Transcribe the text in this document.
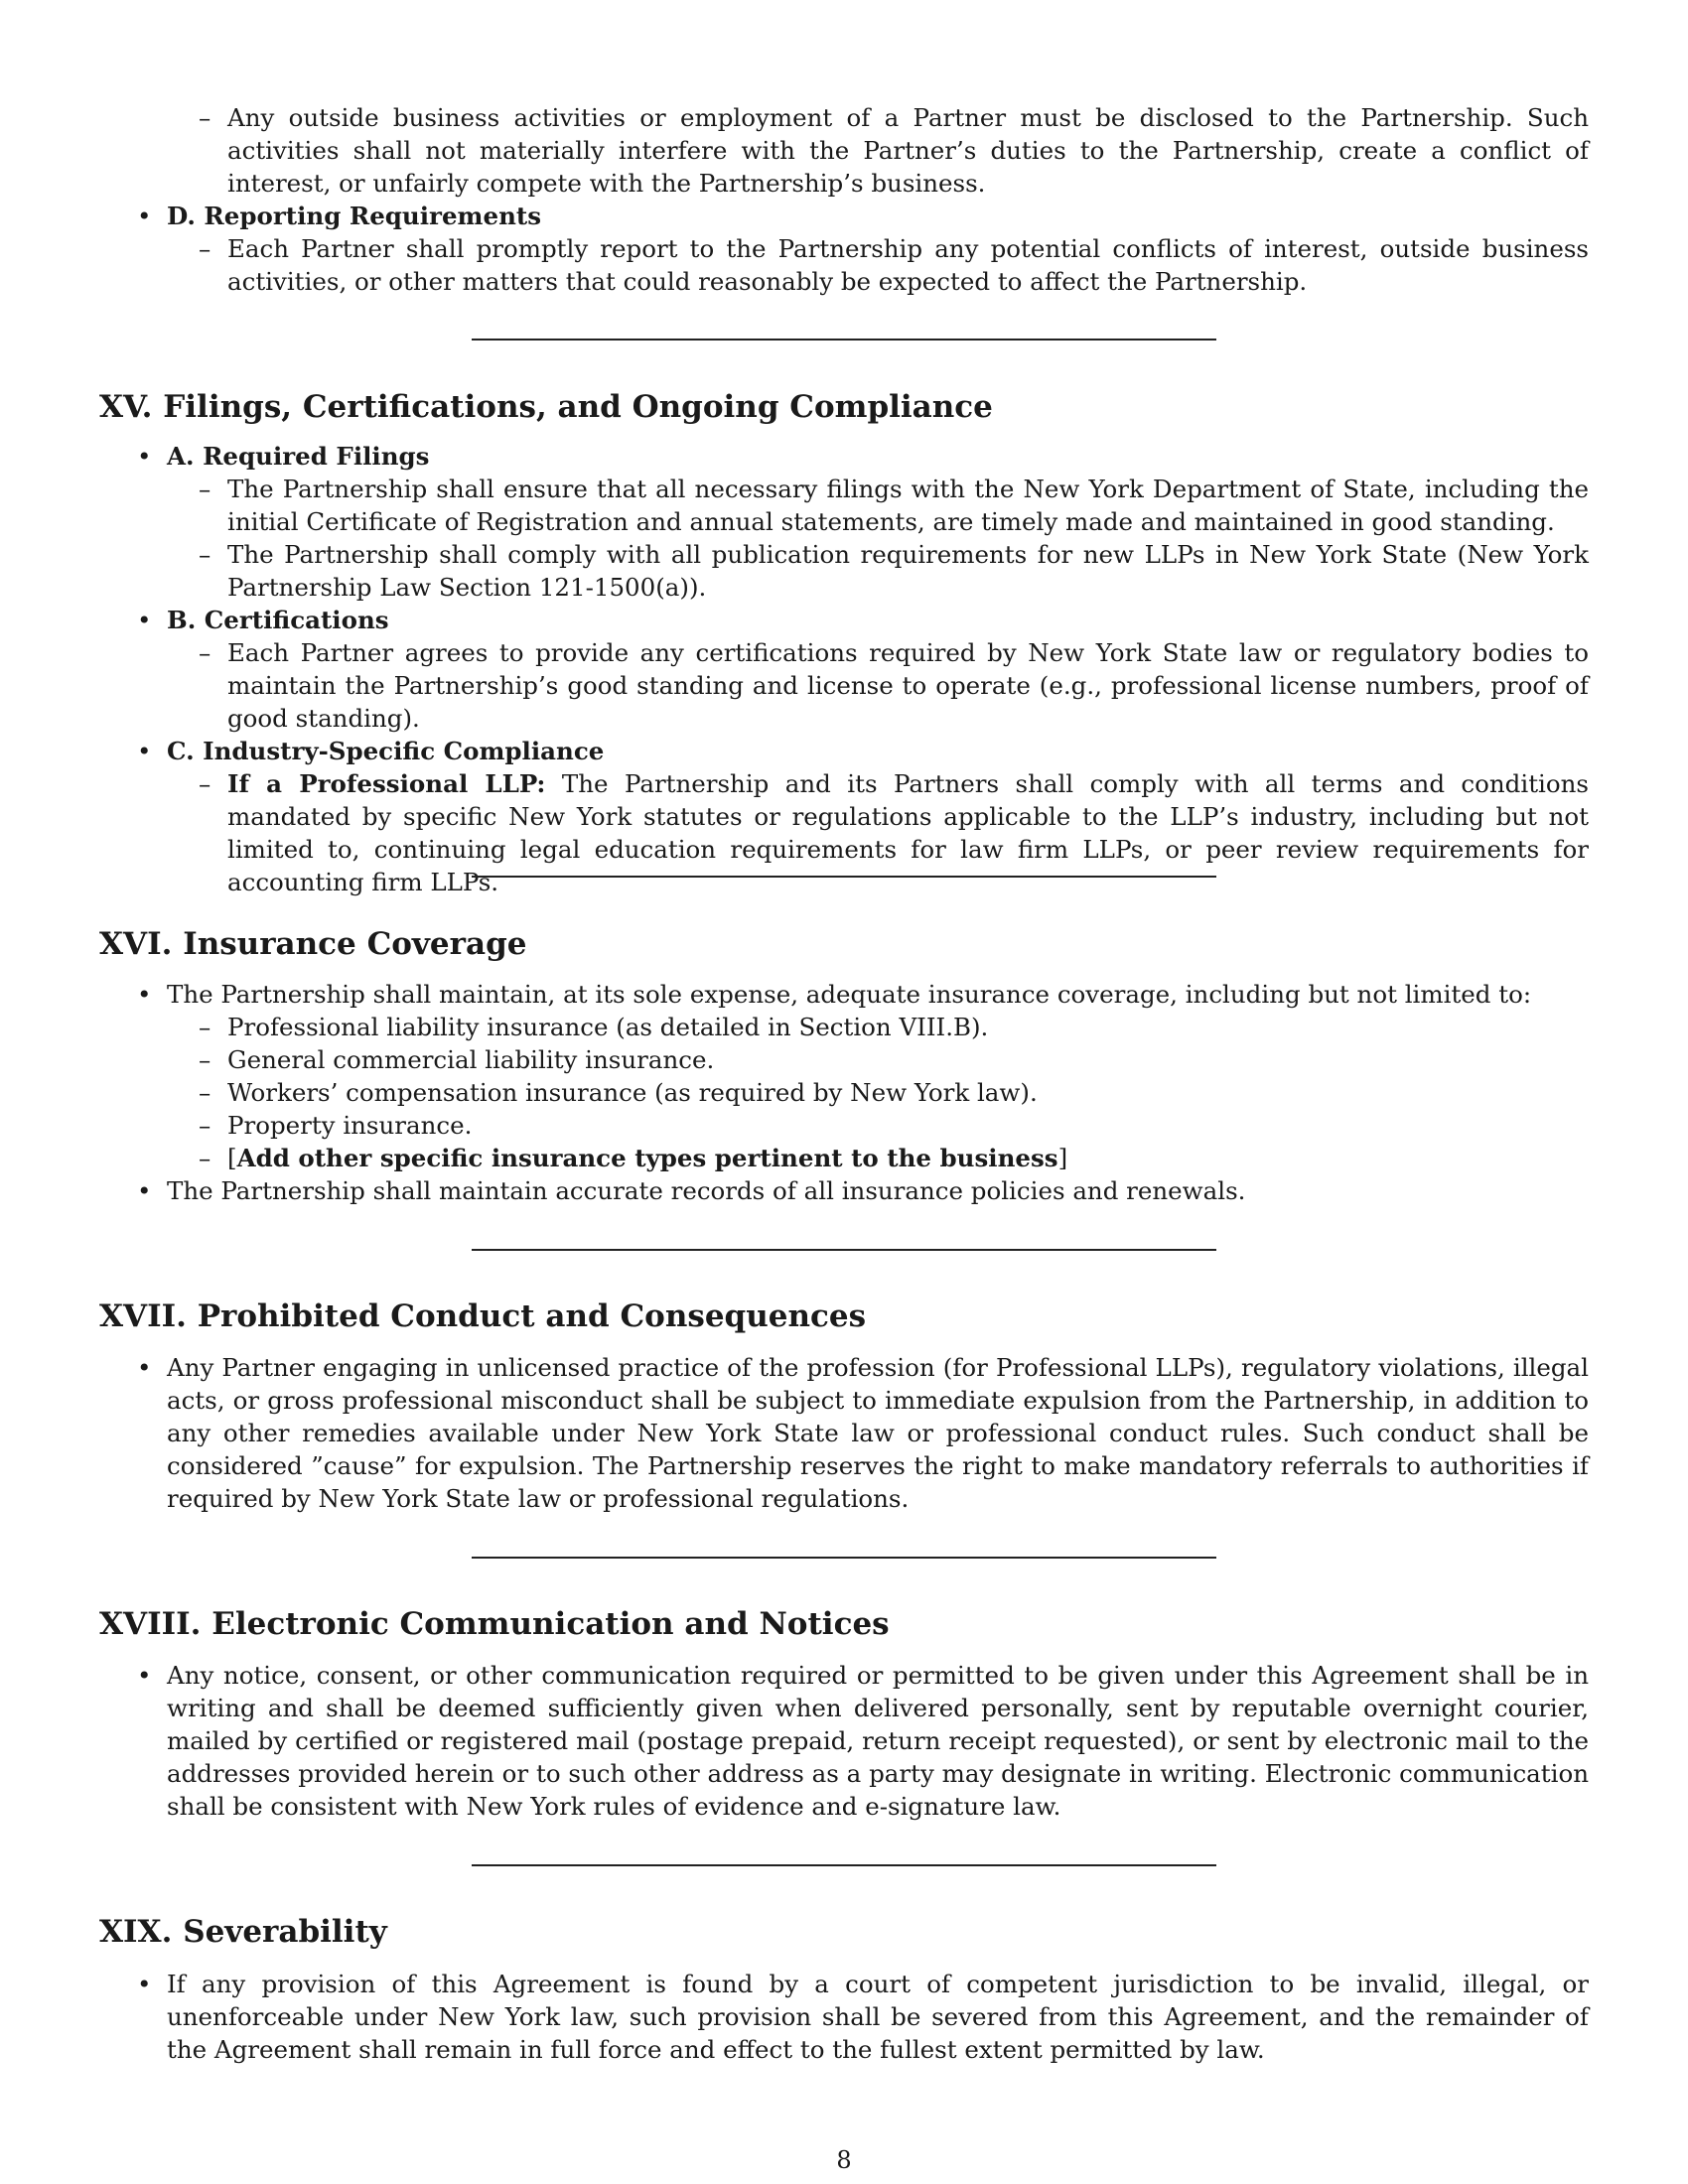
– Any outside business activities or employment of a Partner must be disclosed to the Partnership. Such activities shall not materially interfere with the Partner’s duties to the Partnership, create a conflict of interest, or unfairly compete with the Partnership’s business.
• D. Reporting Requirements
– Each Partner shall promptly report to the Partnership any potential conflicts of interest, outside business activities, or other matters that could reasonably be expected to affect the Partnership.
XV. Filings, Certifications, and Ongoing Compliance
• A. Required Filings
– The Partnership shall ensure that all necessary filings with the New York Department of State, including the initial Certificate of Registration and annual statements, are timely made and maintained in good standing.
– The Partnership shall comply with all publication requirements for new LLPs in New York State (New York Partnership Law Section 121-1500(a)).
• B. Certifications
– Each Partner agrees to provide any certifications required by New York State law or regulatory bodies to maintain the Partnership’s good standing and license to operate (e.g., professional license numbers, proof of good standing).
• C. Industry-Specific Compliance
– If a Professional LLP: The Partnership and its Partners shall comply with all terms and conditions mandated by specific New York statutes or regulations applicable to the LLP’s industry, including but not limited to, continuing legal education requirements for law firm LLPs, or peer review requirements for accounting firm LLPs.
XVI. Insurance Coverage
• The Partnership shall maintain, at its sole expense, adequate insurance coverage, including but not limited to:
– Professional liability insurance (as detailed in Section VIII.B).
– General commercial liability insurance.
– Workers’ compensation insurance (as required by New York law).
– Property insurance.
– [Add other specific insurance types pertinent to the business]
• The Partnership shall maintain accurate records of all insurance policies and renewals.
XVII. Prohibited Conduct and Consequences
• Any Partner engaging in unlicensed practice of the profession (for Professional LLPs), regulatory violations, illegal acts, or gross professional misconduct shall be subject to immediate expulsion from the Partnership, in addition to any other remedies available under New York State law or professional conduct rules. Such conduct shall be considered ”cause” for expulsion. The Partnership reserves the right to make mandatory referrals to authorities if required by New York State law or professional regulations.
XVIII. Electronic Communication and Notices
• Any notice, consent, or other communication required or permitted to be given under this Agreement shall be in writing and shall be deemed sufficiently given when delivered personally, sent by reputable overnight courier, mailed by certified or registered mail (postage prepaid, return receipt requested), or sent by electronic mail to the addresses provided herein or to such other address as a party may designate in writing. Electronic communication shall be consistent with New York rules of evidence and e-signature law.
XIX. Severability
• If any provision of this Agreement is found by a court of competent jurisdiction to be invalid, illegal, or unenforceable under New York law, such provision shall be severed from this Agreement, and the remainder of the Agreement shall remain in full force and effect to the fullest extent permitted by law.
8
